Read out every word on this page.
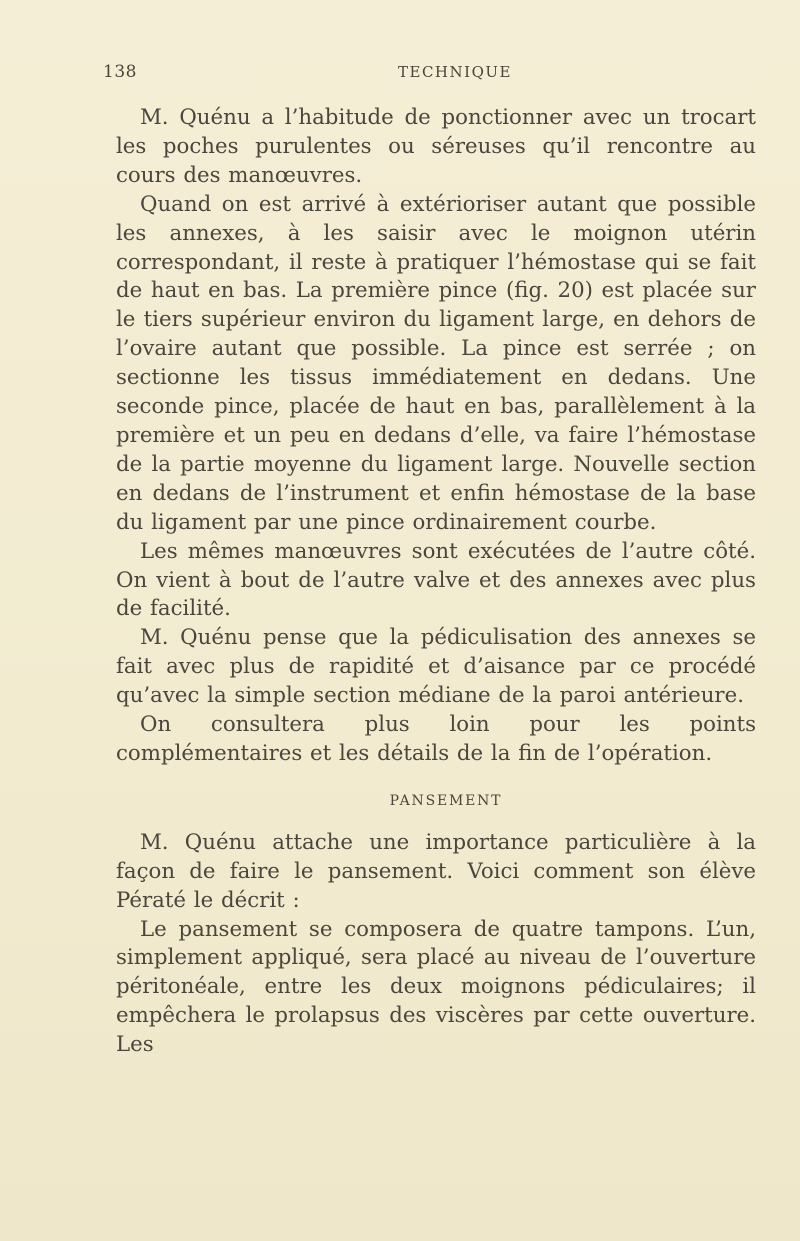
138	TECHNIQUE

M. Quénu a l’habitude de ponctionner avec un trocart les poches purulentes ou séreuses qu’il rencontre au cours des manœuvres.

Quand on est arrivé à extérioriser autant que possible les annexes, à les saisir avec le moignon utérin correspondant, il reste à pratiquer l’hémostase qui se fait de haut en bas. La première pince (fig. 20) est placée sur le tiers supérieur environ du ligament large, en dehors de l’ovaire autant que possible. La pince est serrée ; on sectionne les tissus immédiatement en dedans. Une seconde pince, placée de haut en bas, parallèlement à la première et un peu en dedans d’elle, va faire l’hémostase de la partie moyenne du ligament large. Nouvelle section en dedans de l’instrument et enfin hémostase de la base du ligament par une pince ordinairement courbe.

Les mêmes manœuvres sont exécutées de l’autre côté. On vient à bout de l’autre valve et des annexes avec plus de facilité.

M. Quénu pense que la pédiculisation des annexes se fait avec plus de rapidité et d’aisance par ce procédé qu’avec la simple section médiane de la paroi antérieure.

On consultera plus loin pour les points complémentaires et les détails de la fin de l’opération.

PANSEMENT

M. Quénu attache une importance particulière à la façon de faire le pansement. Voici comment son élève Pératé le décrit :

Le pansement se composera de quatre tampons. L’un, simplement appliqué, sera placé au niveau de l’ouverture péritonéale, entre les deux moignons pédiculaires; il empêchera le prolapsus des viscères par cette ouverture. Les
